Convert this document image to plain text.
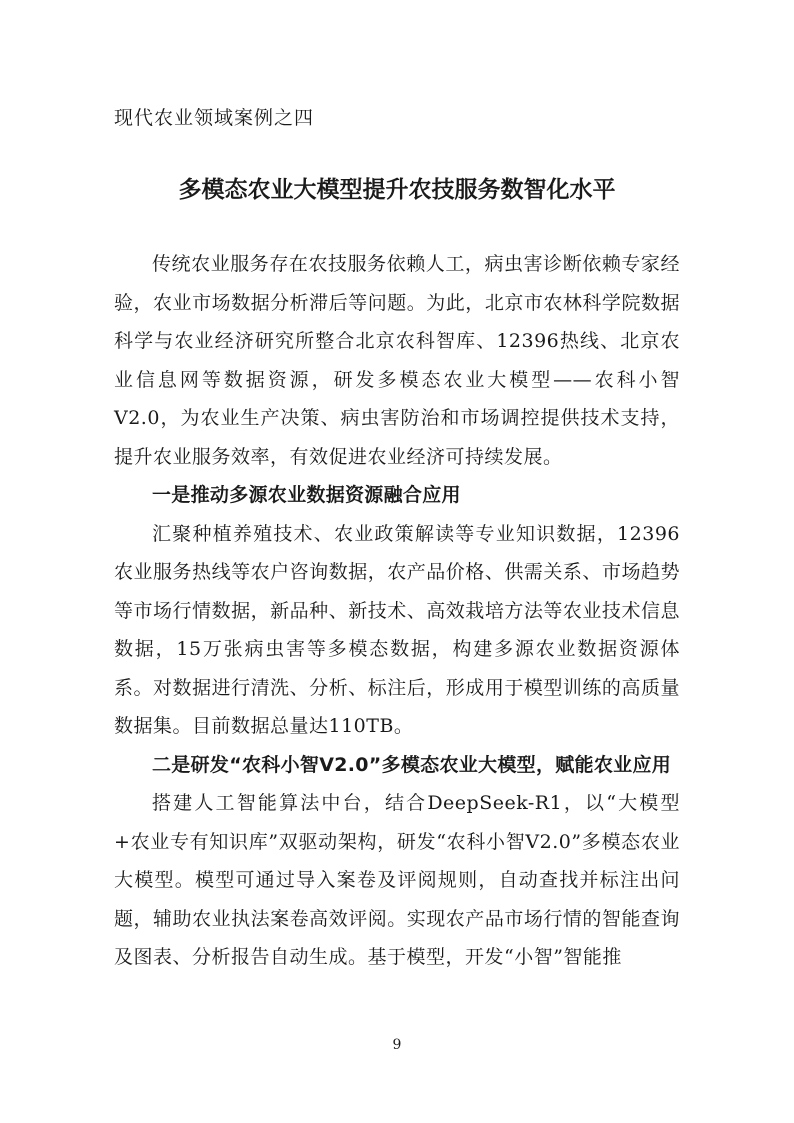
现代农业领域案例之四
多模态农业大模型提升农技服务数智化水平

传统农业服务存在农技服务依赖人工，病虫害诊断依赖专家经验，农业市场数据分析滞后等问题。为此，北京市农林科学院数据科学与农业经济研究所整合北京农科智库、12396热线、北京农业信息网等数据资源，研发多模态农业大模型——农科小智V2.0，为农业生产决策、病虫害防治和市场调控提供技术支持，提升农业服务效率，有效促进农业经济可持续发展。

一是推动多源农业数据资源融合应用

汇聚种植养殖技术、农业政策解读等专业知识数据，12396农业服务热线等农户咨询数据，农产品价格、供需关系、市场趋势等市场行情数据，新品种、新技术、高效栽培方法等农业技术信息数据，15万张病虫害等多模态数据，构建多源农业数据资源体系。对数据进行清洗、分析、标注后，形成用于模型训练的高质量数据集。目前数据总量达110TB。

二是研发“农科小智V2.0”多模态农业大模型，赋能农业应用

搭建人工智能算法中台，结合DeepSeek-R1，以“大模型+农业专有知识库”双驱动架构，研发“农科小智V2.0”多模态农业大模型。模型可通过导入案卷及评阅规则，自动查找并标注出问题，辅助农业执法案卷高效评阅。实现农产品市场行情的智能查询及图表、分析报告自动生成。基于模型，开发“小智”智能推

9
